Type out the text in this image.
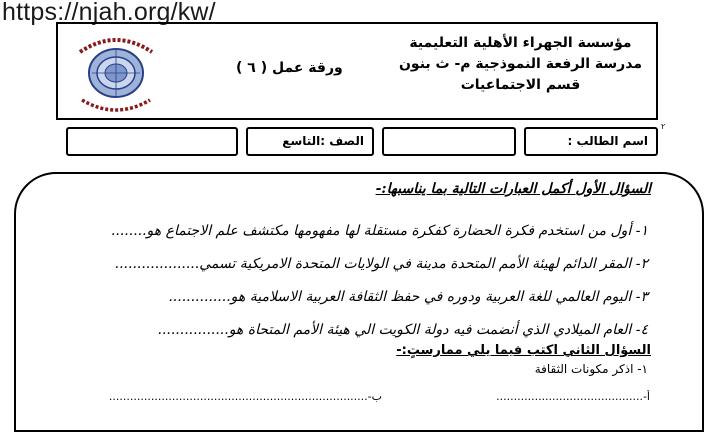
https://njah.org/kw/
ورقة عمل ( ٦ )
مؤسسة الجهراء الأهلية التعليمية
مدرسة الرفعة النموذجية م- ث بنون
قسم الاجتماعيات
٢
اسم الطالب :
الصف :التاسع
السؤال الأول أكمل العبارات التالية بما يناسبها:-
١- أول من استخدم فكرة الحضارة كفكرة مستقلة لها مفهومها مكتشف علم الاجتماع هو........
٢- المقر الدائم لهيئة الأمم المتحدة مدينة في الولايات المتحدة الامريكية تسمي...................
٣- اليوم العالمي للغة العربية ودوره في حفظ الثقافة العربية الاسلامية هو..............
٤- العام الميلادي الذي أنضمت فيه دولة الكويت الي هيئة الأمم المتحاة هو................
السؤال الثاني اكتب فيما يلي ممارستٍ:-
١- اذكر مكونات الثقافة
أ-..........................................
ب-..........................................................................
